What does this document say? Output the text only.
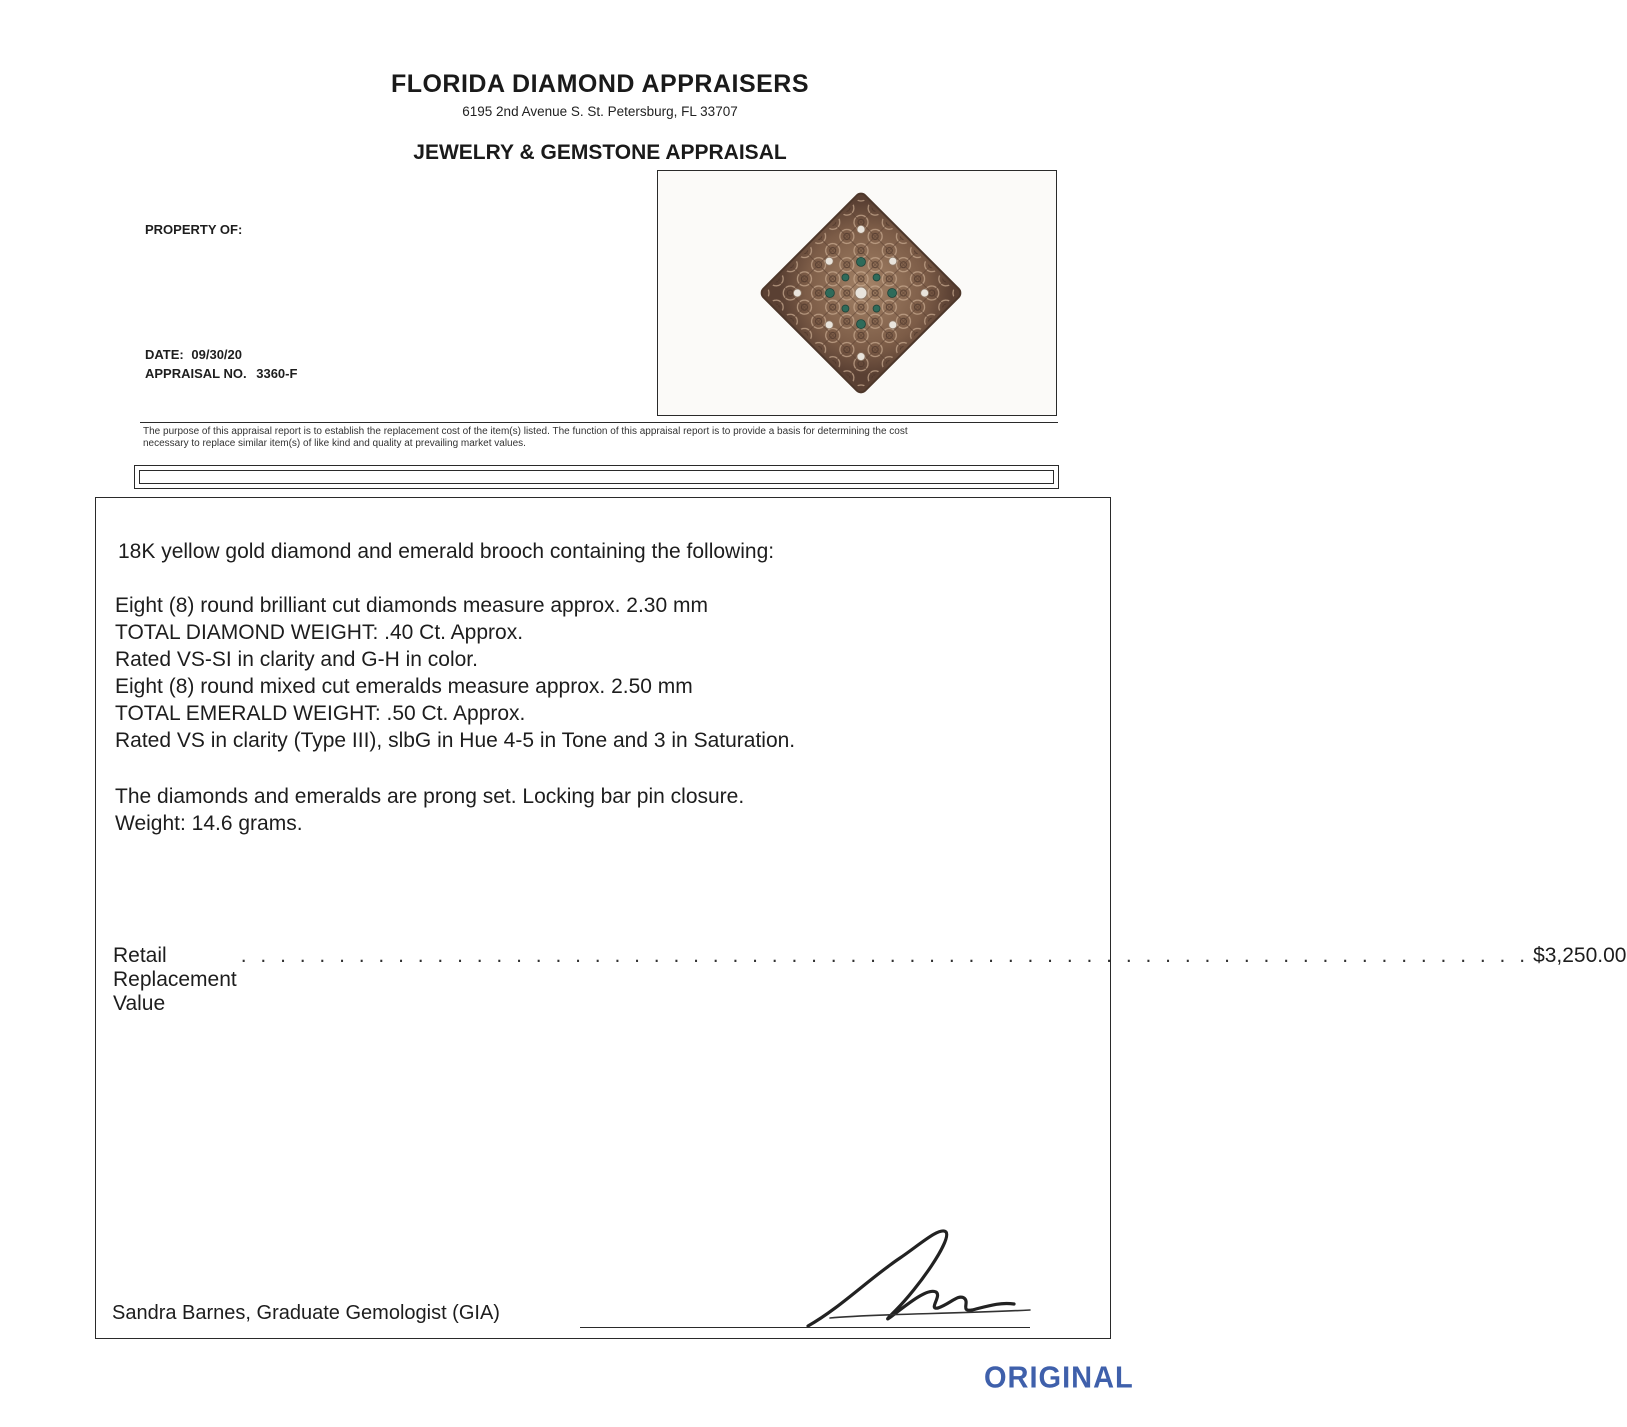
FLORIDA DIAMOND APPRAISERS
6195 2nd Avenue S. St. Petersburg, FL 33707
JEWELRY & GEMSTONE APPRAISAL
PROPERTY OF:
DATE: 09/30/20
APPRAISAL NO. 3360-F
The purpose of this appraisal report is to establish the replacement cost of the item(s) listed. The function of this appraisal report is to provide a basis for determining the cost
necessary to replace similar item(s) of like kind and quality at prevailing market values.
18K yellow gold diamond and emerald brooch containing the following:
Eight (8) round brilliant cut diamonds measure approx. 2.30 mm
TOTAL DIAMOND WEIGHT: .40 Ct. Approx.
Rated VS-SI in clarity and G-H in color.
Eight (8) round mixed cut emeralds measure approx. 2.50 mm
TOTAL EMERALD WEIGHT: .50 Ct. Approx.
Rated VS in clarity (Type III), slbG in Hue 4-5 in Tone and 3 in Saturation.
The diamonds and emeralds are prong set. Locking bar pin closure.
Weight: 14.6 grams.
Retail Replacement Value
. . . . . . . . . . . . . . . . . . . . . . . . . . . . . . . . . . . . . . . . . . . . . . . . . . . . . . . . . . . . . . . . . . $3,250.00
Sandra Barnes, Graduate Gemologist (GIA)
ORIGINAL
